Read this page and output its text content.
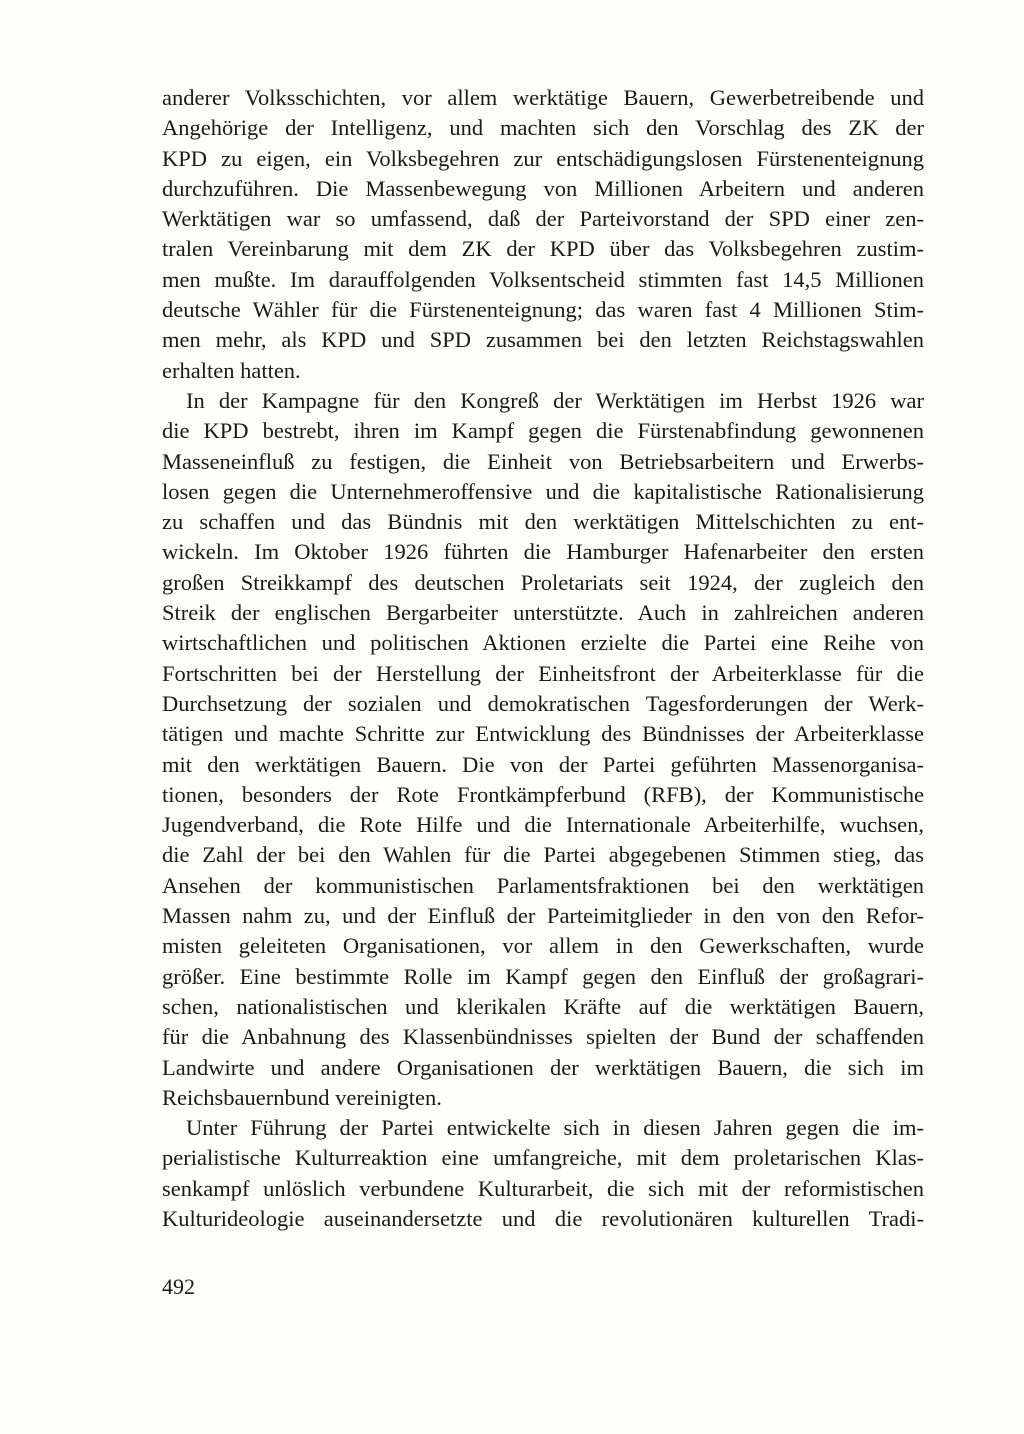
anderer Volksschichten, vor allem werktätige Bauern, Gewerbetreibende und
Angehörige der Intelligenz, und machten sich den Vorschlag des ZK der
KPD zu eigen, ein Volksbegehren zur entschädigungslosen Fürstenenteignung
durchzuführen. Die Massenbewegung von Millionen Arbeitern und anderen
Werktätigen war so umfassend, daß der Parteivorstand der SPD einer zen-
tralen Vereinbarung mit dem ZK der KPD über das Volksbegehren zustim-
men mußte. Im darauffolgenden Volksentscheid stimmten fast 14,5 Millionen
deutsche Wähler für die Fürstenenteignung; das waren fast 4 Millionen Stim-
men mehr, als KPD und SPD zusammen bei den letzten Reichstagswahlen
erhalten hatten.
In der Kampagne für den Kongreß der Werktätigen im Herbst 1926 war
die KPD bestrebt, ihren im Kampf gegen die Fürstenabfindung gewonnenen
Masseneinfluß zu festigen, die Einheit von Betriebsarbeitern und Erwerbs-
losen gegen die Unternehmeroffensive und die kapitalistische Rationalisierung
zu schaffen und das Bündnis mit den werktätigen Mittelschichten zu ent-
wickeln. Im Oktober 1926 führten die Hamburger Hafenarbeiter den ersten
großen Streikkampf des deutschen Proletariats seit 1924, der zugleich den
Streik der englischen Bergarbeiter unterstützte. Auch in zahlreichen anderen
wirtschaftlichen und politischen Aktionen erzielte die Partei eine Reihe von
Fortschritten bei der Herstellung der Einheitsfront der Arbeiterklasse für die
Durchsetzung der sozialen und demokratischen Tagesforderungen der Werk-
tätigen und machte Schritte zur Entwicklung des Bündnisses der Arbeiterklasse
mit den werktätigen Bauern. Die von der Partei geführten Massenorganisa-
tionen, besonders der Rote Frontkämpferbund (RFB), der Kommunistische
Jugendverband, die Rote Hilfe und die Internationale Arbeiterhilfe, wuchsen,
die Zahl der bei den Wahlen für die Partei abgegebenen Stimmen stieg, das
Ansehen der kommunistischen Parlamentsfraktionen bei den werktätigen
Massen nahm zu, und der Einfluß der Parteimitglieder in den von den Refor-
misten geleiteten Organisationen, vor allem in den Gewerkschaften, wurde
größer. Eine bestimmte Rolle im Kampf gegen den Einfluß der großagrari-
schen, nationalistischen und klerikalen Kräfte auf die werktätigen Bauern,
für die Anbahnung des Klassenbündnisses spielten der Bund der schaffenden
Landwirte und andere Organisationen der werktätigen Bauern, die sich im
Reichsbauernbund vereinigten.
Unter Führung der Partei entwickelte sich in diesen Jahren gegen die im-
perialistische Kulturreaktion eine umfangreiche, mit dem proletarischen Klas-
senkampf unlöslich verbundene Kulturarbeit, die sich mit der reformistischen
Kulturideologie auseinandersetzte und die revolutionären kulturellen Tradi-
492
